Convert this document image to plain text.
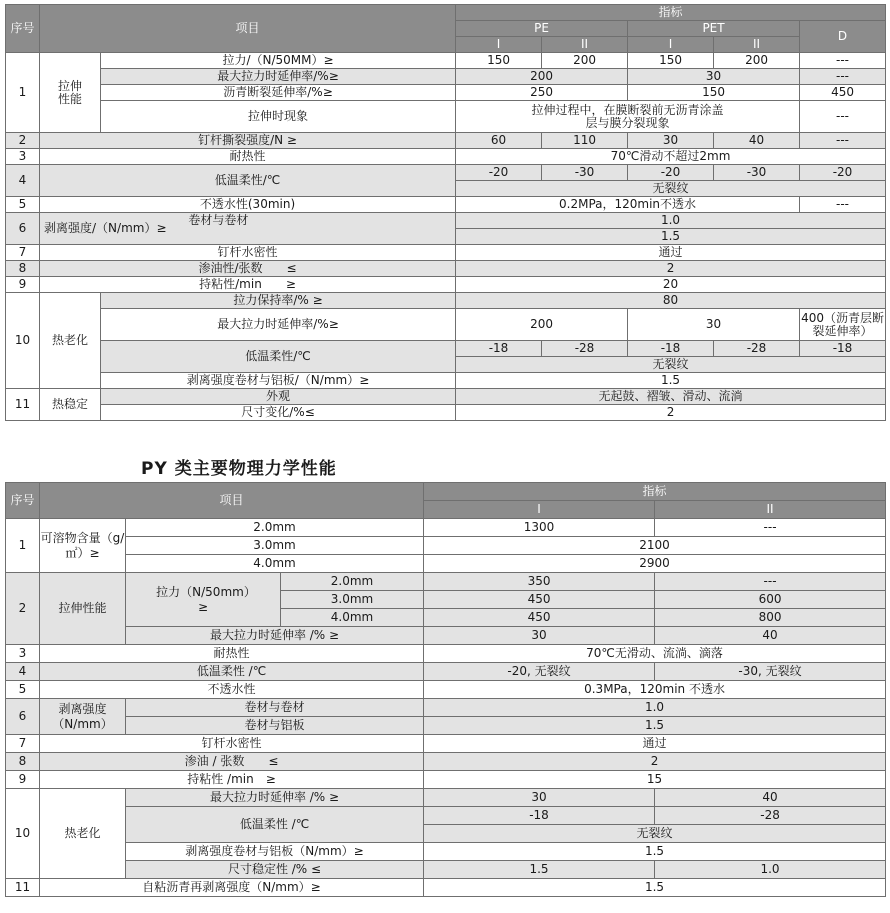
序号	项目		指标				
			PE		PET		D
			I	II	I	II	
1	拉伸性能	拉力/（N/50MM）≥	150	200	150	200	---
		最大拉力时延伸率/%≥	200		30		---
		沥青断裂延伸率/%≥	250		150		450
		拉伸时现象	拉伸过程中，在膜断裂前无沥青涂盖层与膜分裂现象				---

2	钉杆撕裂强度/N ≥		60	110	30	40	---
3	耐热性		70℃滑动不超过2mm				
4	低温柔性/℃		-20	-30	-20	-30	-20
			无裂纹				
5	不透水性(30min)		0.2MPa，120min不透水				---
6	剥离强度/（N/mm）≥ 卷材与卷材		1.0				
			1.5				
7	钉杆水密性		通过				
8	渗油性/张数　　≤		2				
9	持粘性/min　　≥		20				
10	热老化	拉力保持率/% ≥	80				
		最大拉力时延伸率/%≥	200		30		400（沥青层断裂延伸率）

		低温柔性/℃	-18	-28	-18	-28	-18
			无裂纹				
		剥离强度卷材与铝板/（N/mm）≥	1.5				
11	热稳定	外观	无起鼓、褶皱、滑动、流淌				
		尺寸变化/%≤	2				
PY 类主要物理力学性能
序号	项目			指标	
				I	II
1	可溶物含量（g/㎡）≥	2.0mm		1300	---
		3.0mm		2100	
		4.0mm		2900	
2	拉伸性能	拉力（N/50mm）≥	2.0mm	350	---
			3.0mm	450	600
			4.0mm	450	800
		最大拉力时延伸率 /% ≥		30	40
3	耐热性			70℃无滑动、流淌、滴落	
4	低温柔性 /℃			-20, 无裂纹	-30, 无裂纹
5	不透水性			0.3MPa，120min 不透水	
6	剥离强度（N/mm）	卷材与卷材		1.0	
		卷材与铝板		1.5	
7	钉杆水密性			通过	
8	渗油 / 张数　　≤			2	
9	持粘性 /min　≥			15	
10	热老化	最大拉力时延伸率 /% ≥		30	40
		低温柔性 /℃		-18	-28
				无裂纹	
		剥离强度卷材与铝板（N/mm）≥		1.5	
		尺寸稳定性 /% ≤		1.5	1.0
11	自粘沥青再剥离强度（N/mm）≥			1.5	
